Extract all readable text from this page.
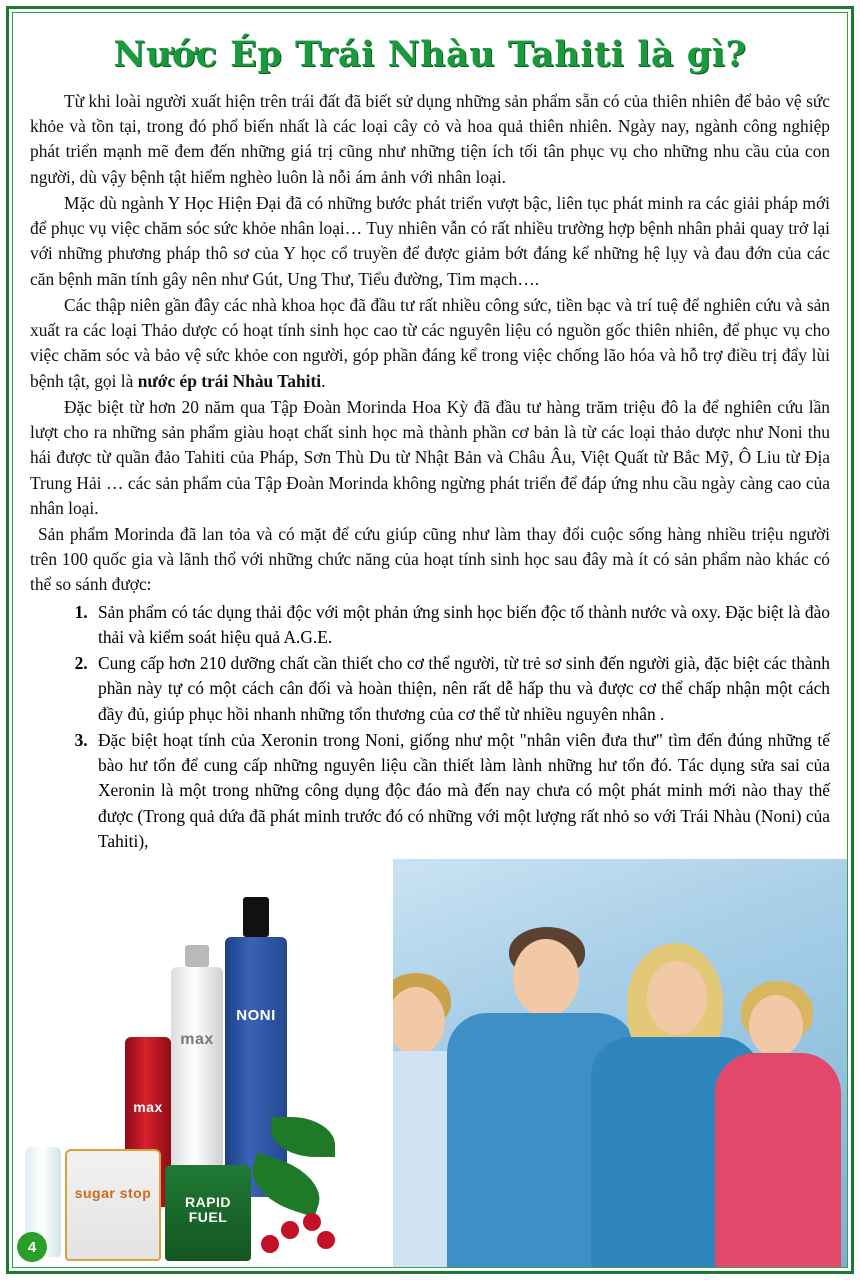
Nước Ép Trái Nhàu Tahiti là gì?

Từ khi loài người xuất hiện trên trái đất đã biết sử dụng những sản phẩm sẵn có của thiên nhiên để bảo vệ sức khỏe và tồn tại, trong đó phổ biến nhất là các loại cây cỏ và hoa quả thiên nhiên. Ngày nay, ngành công nghiệp phát triển mạnh mẽ đem đến những giá trị cũng như những tiện ích tối tân phục vụ cho những nhu cầu của con người, dù vậy bệnh tật hiểm nghèo luôn là nỗi ám ảnh với nhân loại.

Mặc dù ngành Y Học Hiện Đại đã có những bước phát triển vượt bậc, liên tục phát minh ra các giải pháp mới để phục vụ việc chăm sóc sức khỏe nhân loại… Tuy nhiên vẫn có rất nhiều trường hợp bệnh nhân phải quay trở lại với những phương pháp thô sơ của Y học cổ truyền để được giảm bớt đáng kể những hệ lụy và đau đớn của các căn bệnh mãn tính gây nên như Gút, Ung Thư, Tiểu đường, Tim mạch….

Các thập niên gần đây các nhà khoa học đã đầu tư rất nhiều công sức, tiền bạc và trí tuệ để nghiên cứu và sản xuất ra các loại Thảo dược có hoạt tính sinh học cao từ các nguyên liệu có nguồn gốc thiên nhiên, để phục vụ cho việc chăm sóc và bảo vệ sức khỏe con người, góp phần đáng kể trong việc chống lão hóa và hỗ trợ điều trị đẩy lùi bệnh tật, gọi là nước ép trái Nhàu Tahiti.

Đặc biệt từ hơn 20 năm qua Tập Đoàn Morinda Hoa Kỳ đã đầu tư hàng trăm triệu đô la để nghiên cứu lần lượt cho ra những sản phẩm giàu hoạt chất sinh học mà thành phần cơ bản là từ các loại thảo dược như Noni thu hái được từ quần đảo Tahiti của Pháp, Sơn Thù Du từ Nhật Bản và Châu Âu, Việt Quất từ Bắc Mỹ, Ô Liu từ Địa Trung Hải … các sản phẩm của Tập Đoàn Morinda không ngừng phát triển để đáp ứng nhu cầu ngày càng cao của nhân loại.

Sản phẩm Morinda đã lan tỏa và có mặt để cứu giúp cũng như làm thay đổi cuộc sống hàng nhiều triệu người trên 100 quốc gia và lãnh thổ với những chức năng của hoạt tính sinh học sau đây mà ít có sản phẩm nào khác có thể so sánh được:

1. Sản phẩm có tác dụng thải độc với một phản ứng sinh học biến độc tố thành nước và oxy. Đặc biệt là đào thải và kiểm soát hiệu quả A.G.E.
2. Cung cấp hơn 210 dưỡng chất cần thiết cho cơ thể người, từ trẻ sơ sinh đến người già, đặc biệt các thành phần này tự có một cách cân đối và hoàn thiện, nên rất dễ hấp thu và được cơ thể chấp nhận một cách đầy đủ, giúp phục hồi nhanh những tổn thương của cơ thể từ nhiều nguyên nhân .
3. Đặc biệt hoạt tính của Xeronin trong Noni, giống như một "nhân viên đưa thư" tìm đến đúng những tế bào hư tổn để cung cấp những nguyên liệu cần thiết làm lành những hư tổn đó. Tác dụng sửa sai của Xeronin là một trong những công dụng độc đáo mà đến nay chưa có một phát minh mới nào thay thế được (Trong quả dứa đã phát minh trước đó có những với một lượng rất nhỏ so với Trái Nhàu (Noni) của Tahiti),
4.
NONI
max
max
sugar stop
RAPID FUEL
4
